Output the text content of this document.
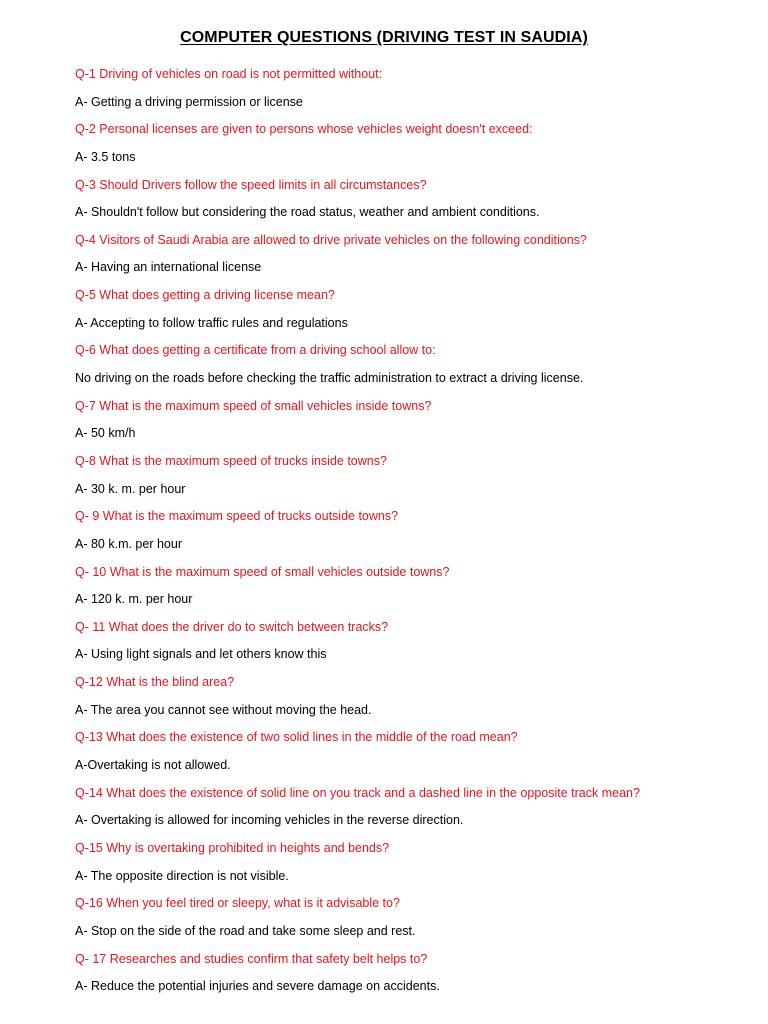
COMPUTER QUESTIONS (DRIVING TEST IN SAUDIA)
Q-1 Driving of vehicles on road is not permitted without:
A- Getting a driving permission or license
Q-2 Personal licenses are given to persons whose vehicles weight doesn't exceed:
A- 3.5 tons
Q-3 Should Drivers follow the speed limits in all circumstances?
A- Shouldn't follow but considering the road status, weather and ambient conditions.
Q-4 Visitors of Saudi Arabia are allowed to drive private vehicles on the following conditions?
A- Having an international license
Q-5 What does getting a driving license mean?
A- Accepting to follow traffic rules and regulations
Q-6 What does getting a certificate from a driving school allow to:
No driving on the roads before checking the traffic administration to extract a driving license.
Q-7 What is the maximum speed of small vehicles inside towns?
A- 50 km/h
Q-8 What is the maximum speed of trucks inside towns?
A- 30 k. m. per hour
Q- 9 What is the maximum speed of trucks outside towns?
A- 80 k.m. per hour
Q- 10 What is the maximum speed of small vehicles outside towns?
A- 120 k. m. per hour
Q- 11 What does the driver do to switch between tracks?
A- Using light signals and let others know this
Q-12 What is the blind area?
A- The area you cannot see without moving the head.
Q-13 What does the existence of two solid lines in the middle of the road mean?
A-Overtaking is not allowed.
Q-14 What does the existence of solid line on you track and a dashed line in the opposite track mean?
A- Overtaking is allowed for incoming vehicles in the reverse direction.
Q-15 Why is overtaking prohibited in heights and bends?
A- The opposite direction is not visible.
Q-16 When you feel tired or sleepy, what is it advisable to?
A- Stop on the side of the road and take some sleep and rest.
Q- 17 Researches and studies confirm that safety belt helps to?
A- Reduce the potential injuries and severe damage on accidents.
